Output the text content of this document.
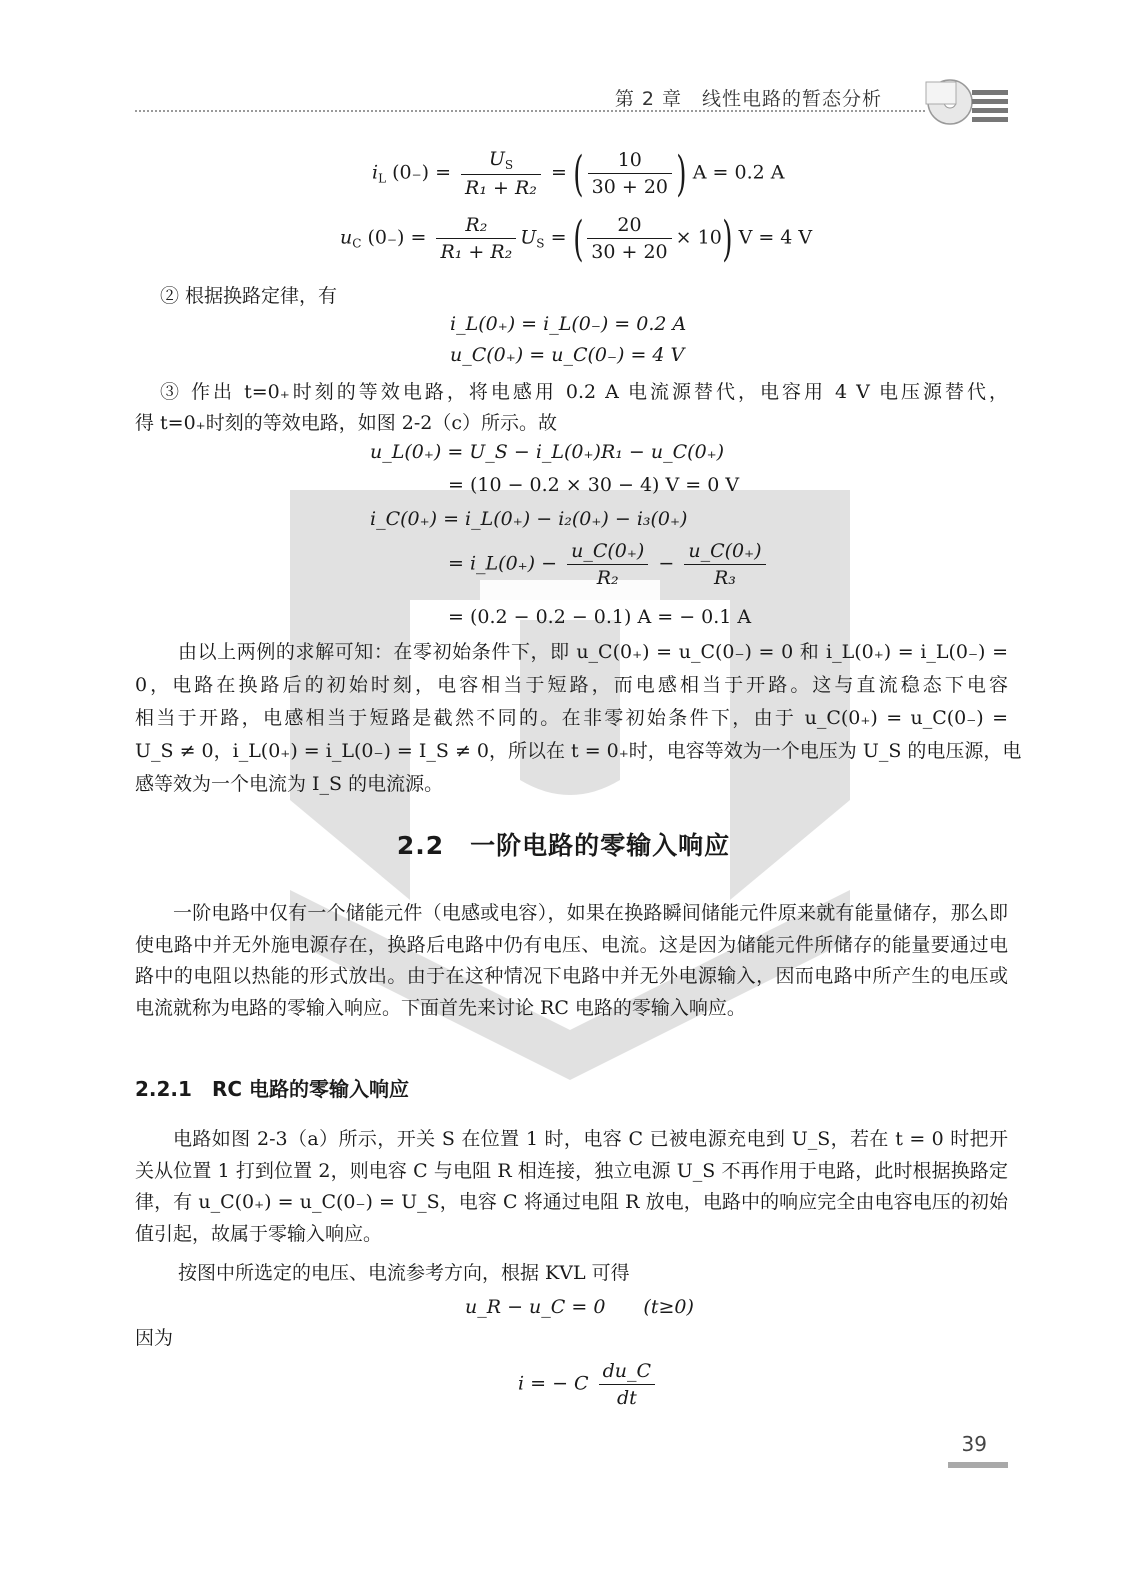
第 2 章　线性电路的暂态分析
$i_L$ $(0_-) = \frac{U_S}{\text{R₁ + R₂}}$ = ( $\frac{10}{30 + 20}$ ) A = 0.2 A
$u_C$ $(0_-) = \frac{\text{R₂}}{\text{R₁ + R₂}} U_S$ = ( $\frac{20}{30 + 20} \times 10$) V = 4 V
② 根据换路定律，有
i_L(0₊) = i_L(0₋) = 0.2 A
u_C(0₊) = u_C(0₋) = 4 V
③ 作出 t=0₊时刻的等效电路，将电感用 0.2 A 电流源替代，电容用 4 V 电压源替代，
得 t=0₊时刻的等效电路，如图 2-2（c）所示。故
u_L(0₊) = U_S − i_L(0₊)R₁ − u_C(0₊)
= (10 − 0.2 × 30 − 4) V = 0 V
i_C(0₊) = i_L(0₊) − i₂(0₊) − i₃(0₊)
= i_L(0₊) − $\frac{u\_C(0_+)}{\text{R₂}} - \frac{u\_C(0_+)}{\text{R₃}}$
= (0.2 − 0.2 − 0.1) A = − 0.1 A
由以上两例的求解可知：在零初始条件下，即 u_C(0₊) = u_C(0₋) = 0 和 i_L(0₊) = i_L(0₋) =
0，电路在换路后的初始时刻，电容相当于短路，而电感相当于开路。这与直流稳态下电容
相当于开路，电感相当于短路是截然不同的。在非零初始条件下，由于 u_C(0₊) = u_C(0₋) =
U_S ≠ 0，i_L(0₊) = i_L(0₋) = I_S ≠ 0，所以在 t = 0₊时，电容等效为一个电压为 U_S 的电压源，电
感等效为一个电流为 I_S 的电流源。
2.2　一阶电路的零输入响应
一阶电路中仅有一个储能元件（电感或电容），如果在换路瞬间储能元件原来就有能量储存，那么即使电路中并无外施电源存在，换路后电路中仍有电压、电流。这是因为储能元件所储存的能量要通过电路中的电阻以热能的形式放出。由于在这种情况下电路中并无外电源输入，因而电路中所产生的电压或电流就称为电路的零输入响应。下面首先来讨论 RC 电路的零输入响应。
2.2.1　RC 电路的零输入响应
电路如图 2-3（a）所示，开关 S 在位置 1 时，电容 C 已被电源充电到 U_S，若在 t = 0 时把开关从位置 1 打到位置 2，则电容 C 与电阻 R 相连接，独立电源 U_S 不再作用于电路，此时根据换路定律，有 u_C(0₊) = u_C(0₋) = U_S，电容 C 将通过电阻 R 放电，电路中的响应完全由电容电压的初始值引起，故属于零输入响应。
按图中所选定的电压、电流参考方向，根据 KVL 可得
u_R − u_C = 0　　(t≥0)
因为
i = − C $\frac{du\_C}{dt}$
39
